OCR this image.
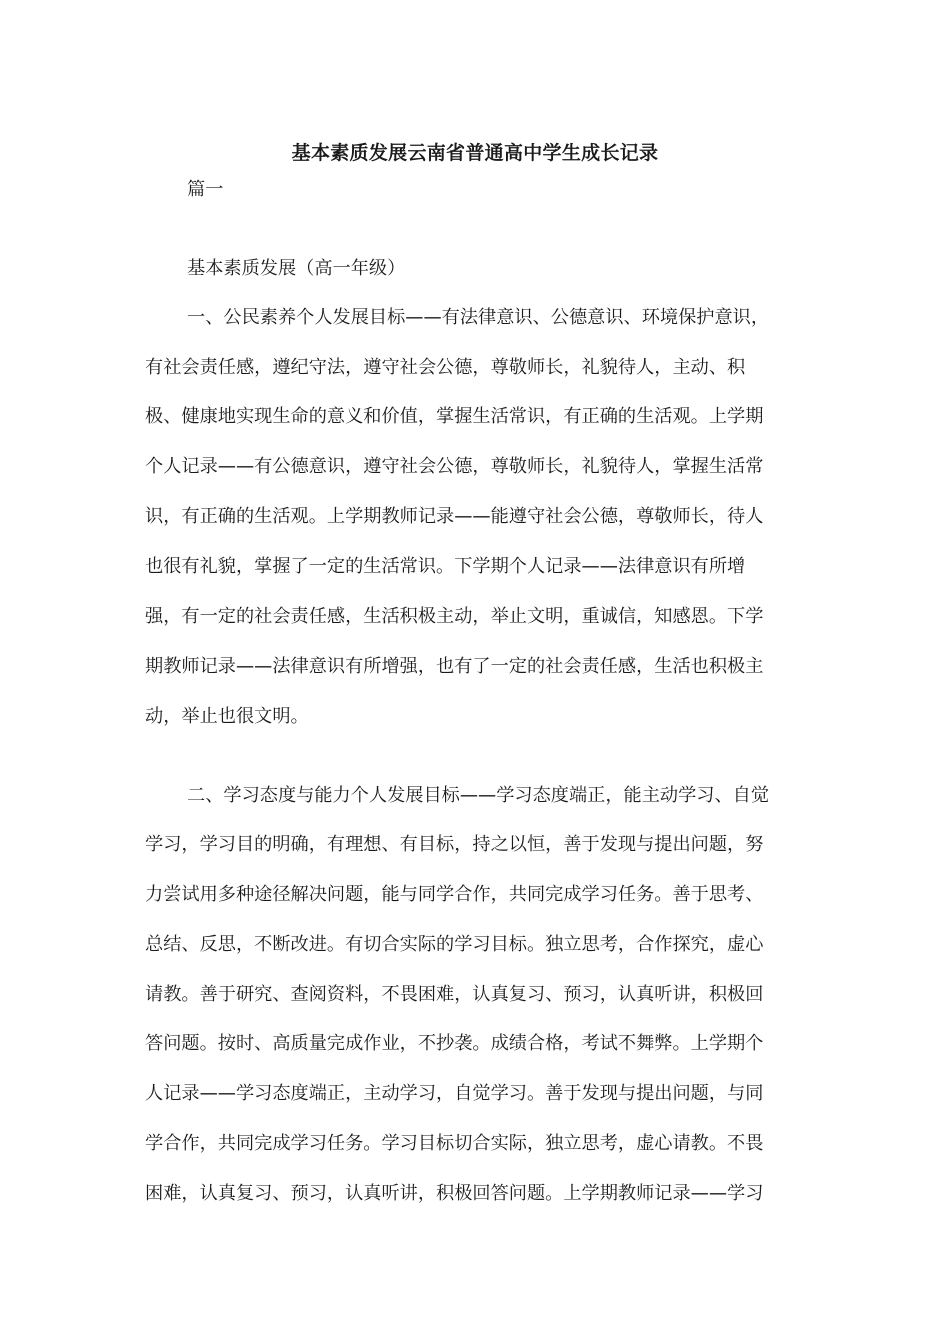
基本素质发展云南省普通高中学生成长记录
篇一
基本素质发展（高一年级）
一、公民素养个人发展目标——有法律意识、公德意识、环境保护意识，
有社会责任感，遵纪守法，遵守社会公德，尊敬师长，礼貌待人，主动、积
极、健康地实现生命的意义和价值，掌握生活常识，有正确的生活观。上学期
个人记录——有公德意识，遵守社会公德，尊敬师长，礼貌待人，掌握生活常
识，有正确的生活观。上学期教师记录——能遵守社会公德，尊敬师长，待人
也很有礼貌，掌握了一定的生活常识。下学期个人记录——法律意识有所增
强，有一定的社会责任感，生活积极主动，举止文明，重诚信，知感恩。下学
期教师记录——法律意识有所增强，也有了一定的社会责任感，生活也积极主
动，举止也很文明。
二、学习态度与能力个人发展目标——学习态度端正，能主动学习、自觉
学习，学习目的明确，有理想、有目标，持之以恒，善于发现与提出问题，努
力尝试用多种途径解决问题，能与同学合作，共同完成学习任务。善于思考、
总结、反思，不断改进。有切合实际的学习目标。独立思考，合作探究，虚心
请教。善于研究、查阅资料，不畏困难，认真复习、预习，认真听讲，积极回
答问题。按时、高质量完成作业，不抄袭。成绩合格，考试不舞弊。上学期个
人记录——学习态度端正，主动学习，自觉学习。善于发现与提出问题，与同
学合作，共同完成学习任务。学习目标切合实际，独立思考，虚心请教。不畏
困难，认真复习、预习，认真听讲，积极回答问题。上学期教师记录——学习
